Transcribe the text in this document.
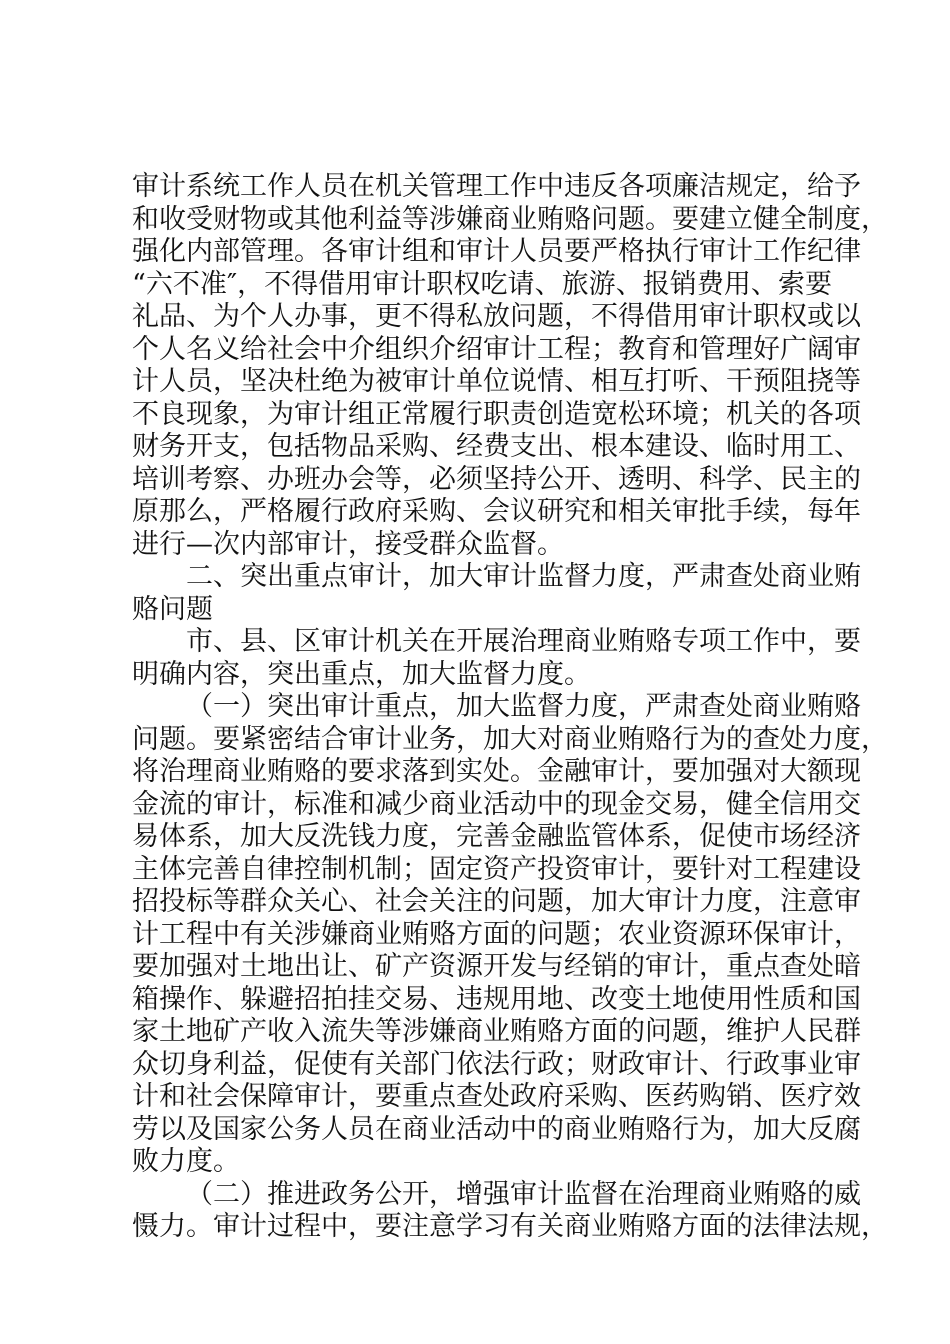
审计系统工作人员在机关管理工作中违反各项廉洁规定，给予
和收受财物或其他利益等涉嫌商业贿赂问题。要建立健全制度，
强化内部管理。各审计组和审计人员要严格执行审计工作纪律
“六不准″，不得借用审计职权吃请、旅游、报销费用、索要
礼品、为个人办事，更不得私放问题，不得借用审计职权或以
个人名义给社会中介组织介绍审计工程；教育和管理好广阔审
计人员，坚决杜绝为被审计单位说情、相互打听、干预阻挠等
不良现象，为审计组正常履行职责创造宽松环境；机关的各项
财务开支，包括物品采购、经费支出、根本建设、临时用工、
培训考察、办班办会等，必须坚持公开、透明、科学、民主的
原那么，严格履行政府采购、会议研究和相关审批手续，每年
进行—次内部审计，接受群众监督。
二、突出重点审计，加大审计监督力度，严肃查处商业贿
赂问题
市、县、区审计机关在开展治理商业贿赂专项工作中，要
明确内容，突出重点，加大监督力度。
（一）突出审计重点，加大监督力度，严肃查处商业贿赂
问题。要紧密结合审计业务，加大对商业贿赂行为的查处力度，
将治理商业贿赂的要求落到实处。金融审计，要加强对大额现
金流的审计，标准和减少商业活动中的现金交易，健全信用交
易体系，加大反洗钱力度，完善金融监管体系，促使市场经济
主体完善自律控制机制；固定资产投资审计，要针对工程建设
招投标等群众关心、社会关注的问题，加大审计力度，注意审
计工程中有关涉嫌商业贿赂方面的问题；农业资源环保审计，
要加强对土地出让、矿产资源开发与经销的审计，重点查处暗
箱操作、躲避招拍挂交易、违规用地、改变土地使用性质和国
家土地矿产收入流失等涉嫌商业贿赂方面的问题，维护人民群
众切身利益，促使有关部门依法行政；财政审计、行政事业审
计和社会保障审计，要重点查处政府采购、医药购销、医疗效
劳以及国家公务人员在商业活动中的商业贿赂行为，加大反腐
败力度。
（二）推进政务公开，增强审计监督在治理商业贿赂的威
慑力。审计过程中，要注意学习有关商业贿赂方面的法律法规，
